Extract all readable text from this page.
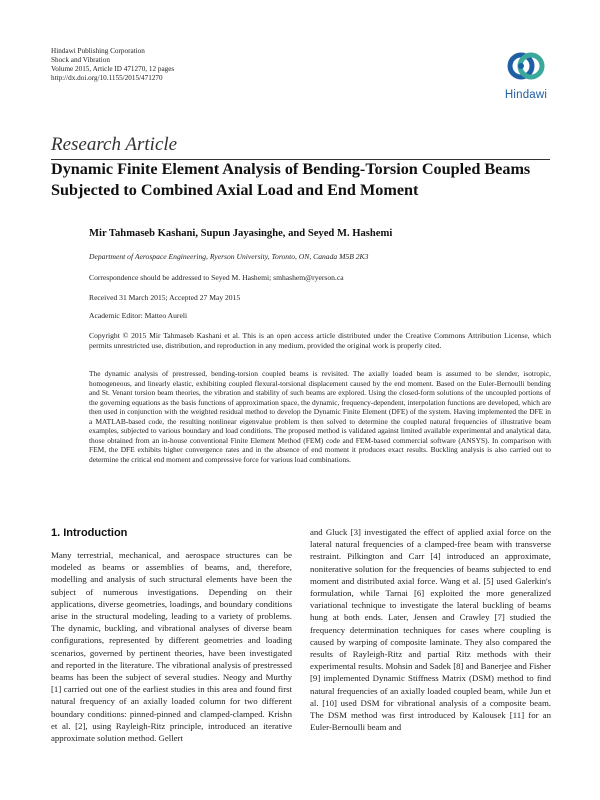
Hindawi Publishing Corporation
Shock and Vibration
Volume 2015, Article ID 471270, 12 pages
http://dx.doi.org/10.1155/2015/471270
Hindawi
Research Article
Dynamic Finite Element Analysis of Bending-Torsion Coupled Beams Subjected to Combined Axial Load and End Moment
Mir Tahmaseb Kashani, Supun Jayasinghe, and Seyed M. Hashemi
Department of Aerospace Engineering, Ryerson University, Toronto, ON, Canada M5B 2K3
Correspondence should be addressed to Seyed M. Hashemi; smhashem@ryerson.ca
Received 31 March 2015; Accepted 27 May 2015
Academic Editor: Matteo Aureli
Copyright © 2015 Mir Tahmaseb Kashani et al. This is an open access article distributed under the Creative Commons Attribution License, which permits unrestricted use, distribution, and reproduction in any medium, provided the original work is properly cited.
The dynamic analysis of prestressed, bending-torsion coupled beams is revisited. The axially loaded beam is assumed to be slender, isotropic, homogeneous, and linearly elastic, exhibiting coupled flexural-torsional displacement caused by the end moment. Based on the Euler-Bernoulli bending and St. Venant torsion beam theories, the vibration and stability of such beams are explored. Using the closed-form solutions of the uncoupled portions of the governing equations as the basis functions of approximation space, the dynamic, frequency-dependent, interpolation functions are developed, which are then used in conjunction with the weighted residual method to develop the Dynamic Finite Element (DFE) of the system. Having implemented the DFE in a MATLAB-based code, the resulting nonlinear eigenvalue problem is then solved to determine the coupled natural frequencies of illustrative beam examples, subjected to various boundary and load conditions. The proposed method is validated against limited available experimental and analytical data, those obtained from an in-house conventional Finite Element Method (FEM) code and FEM-based commercial software (ANSYS). In comparison with FEM, the DFE exhibits higher convergence rates and in the absence of end moment it produces exact results. Buckling analysis is also carried out to determine the critical end moment and compressive force for various load combinations.
1. Introduction
Many terrestrial, mechanical, and aerospace structures can be modeled as beams or assemblies of beams, and, therefore, modelling and analysis of such structural elements have been the subject of numerous investigations. Depending on their applications, diverse geometries, loadings, and boundary conditions arise in the structural modeling, leading to a variety of problems. The dynamic, buckling, and vibrational analyses of diverse beam configurations, represented by different geometries and loading scenarios, governed by pertinent theories, have been investigated and reported in the literature. The vibrational analysis of prestressed beams has been the subject of several studies. Neogy and Murthy [1] carried out one of the earliest studies in this area and found first natural frequency of an axially loaded column for two different boundary conditions: pinned-pinned and clamped-clamped. Krishn et al. [2], using Rayleigh-Ritz principle, introduced an iterative approximate solution method. Gellert
and Gluck [3] investigated the effect of applied axial force on the lateral natural frequencies of a clamped-free beam with transverse restraint. Pilkington and Carr [4] introduced an approximate, noniterative solution for the frequencies of beams subjected to end moment and distributed axial force. Wang et al. [5] used Galerkin's formulation, while Tarnai [6] exploited the more generalized variational technique to investigate the lateral buckling of beams hung at both ends. Later, Jensen and Crawley [7] studied the frequency determination techniques for cases where coupling is caused by warping of composite laminate. They also compared the results of Rayleigh-Ritz and partial Ritz methods with their experimental results. Mohsin and Sadek [8] and Banerjee and Fisher [9] implemented Dynamic Stiffness Matrix (DSM) method to find natural frequencies of an axially loaded coupled beam, while Jun et al. [10] used DSM for vibrational analysis of a composite beam. The DSM method was first introduced by Kalousek [11] for an Euler-Bernoulli beam and
